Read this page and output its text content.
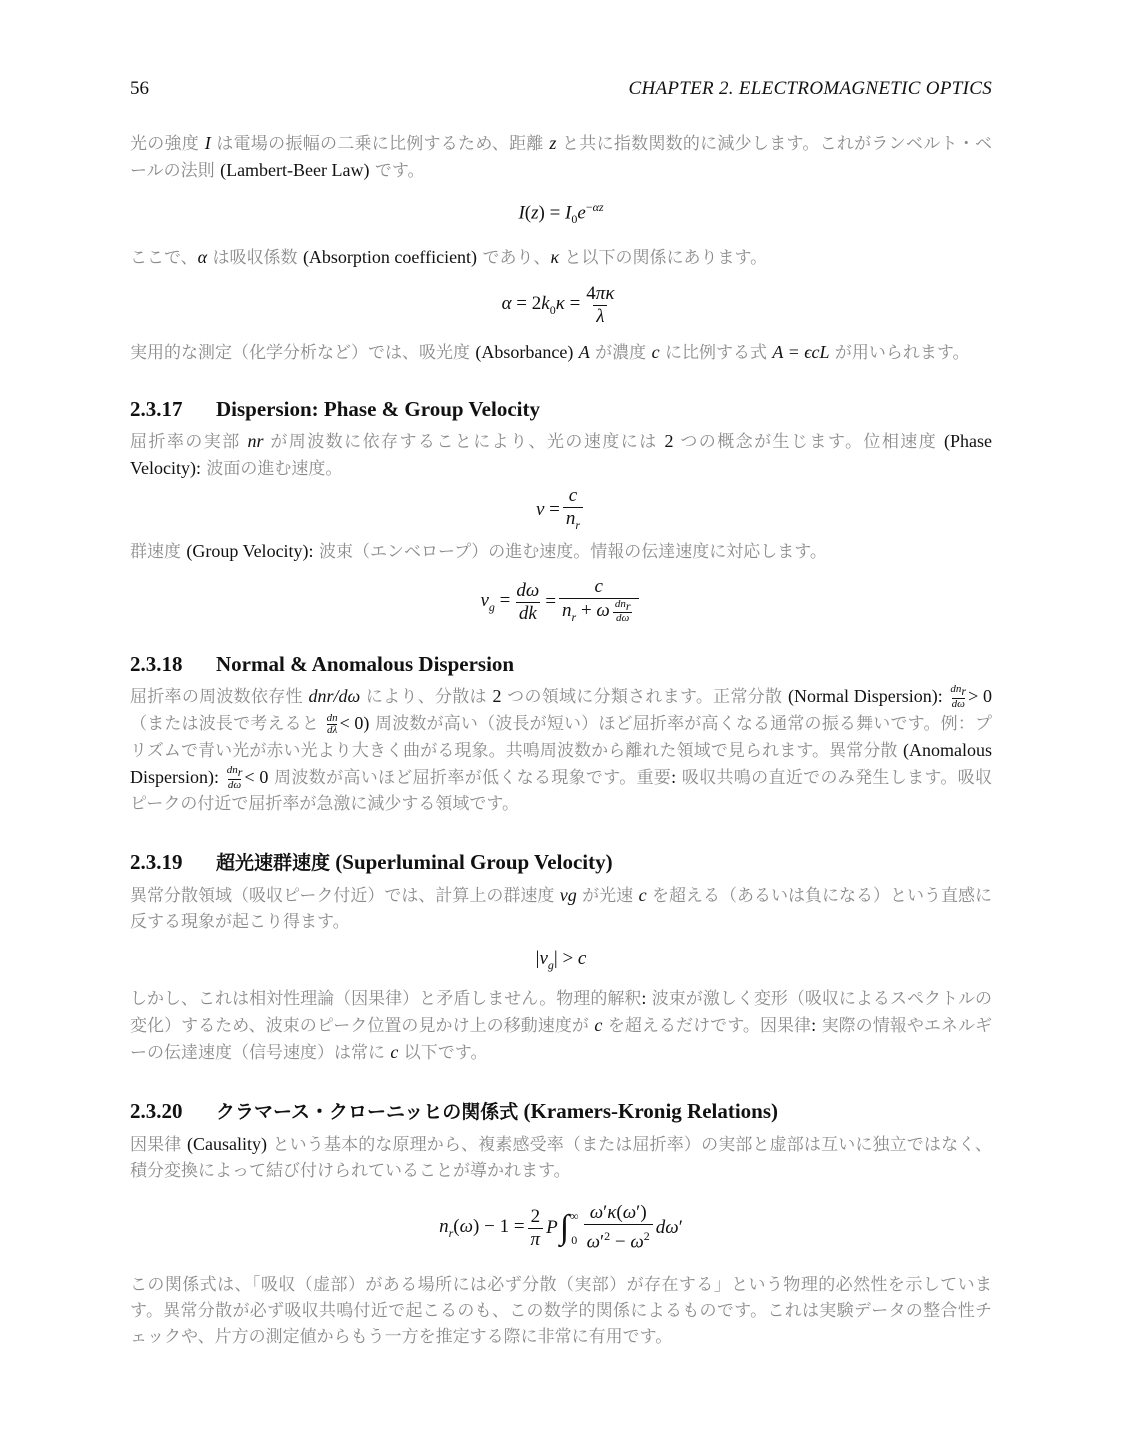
56	CHAPTER 2. ELECTROMAGNETIC OPTICS

光の強度 I は電場の振幅の二乗に比例するため、距離 z と共に指数関数的に減少します。これがランベルト・ベールの法則 (Lambert-Beer Law) です。

$I(z) = I_0e^{-\alpha z}$

ここで、α は吸収係数 (Absorption coefficient) であり、κ と以下の関係にあります。

$\alpha = 2k_0\kappa = \frac{4\pi\kappa}{\lambda}$

実用的な測定（化学分析など）では、吸光度 (Absorbance) A が濃度 c に比例する式 A = ϵcL が用いられます。

2.3.17 Dispersion: Phase & Group Velocity

屈折率の実部 nr が周波数に依存することにより、光の速度には 2 つの概念が生じます。位相速度 (Phase Velocity): 波面の進む速度。

$v = \frac{c}{n_r}$

群速度 (Group Velocity): 波束（エンベロープ）の進む速度。情報の伝達速度に対応します。

$v_g = \frac{d\omega}{dk} = \frac{c}{n_r + \omega \frac{dn_r}{d\omega}}$
2.3.18 Normal & Anomalous Dispersion

屈折率の周波数依存性 dnr/dω により、分散は 2 つの領域に分類されます。正常分散 (Normal Dispersion): $\frac{dn_r}{d\omega} > 0$ （または波長で考えると $\frac{dn}{d\lambda} < 0$) 周波数が高い（波長が短い）ほど屈折率が高くなる通常の振る舞いです。例：プリズムで青い光が赤い光より大きく曲がる現象。共鳴周波数から離れた領域で見られます。異常分散 (Anomalous Dispersion): $\frac{dn_r}{d\omega} < 0$ 周波数が高いほど屈折率が低くなる現象です。重要: 吸収共鳴の直近でのみ発生します。吸収ピークの付近で屈折率が急激に減少する領域です。

2.3.19 超光速群速度 (Superluminal Group Velocity)

異常分散領域（吸収ピーク付近）では、計算上の群速度 vg が光速 c を超える（あるいは負になる）という直感に反する現象が起こり得ます。

$|v_g| > c$

しかし、これは相対性理論（因果律）と矛盾しません。物理的解釈: 波束が激しく変形（吸収によるスペクトルの変化）するため、波束のピーク位置の見かけ上の移動速度が c を超えるだけです。因果律: 実際の情報やエネルギーの伝達速度（信号速度）は常に c 以下です。

2.3.20 クラマース・クローニッヒの関係式 (Kramers-Kronig Relations)

因果律 (Causality) という基本的な原理から、複素感受率（または屈折率）の実部と虚部は互いに独立ではなく、積分変換によって結び付けられていることが導かれます。

$n_r(\omega) - 1 = \frac{2}{\pi}$ P ∫ ∞
$0 \frac{\omega'\kappa(\omega')}{\omega'^2 - \omega^2} d\omega'$

この関係式は、「吸収（虚部）がある場所には必ず分散（実部）が存在する」という物理的必然性を示しています。異常分散が必ず吸収共鳴付近で起こるのも、この数学的関係によるものです。これは実験データの整合性チェックや、片方の測定値からもう一方を推定する際に非常に有用です。
